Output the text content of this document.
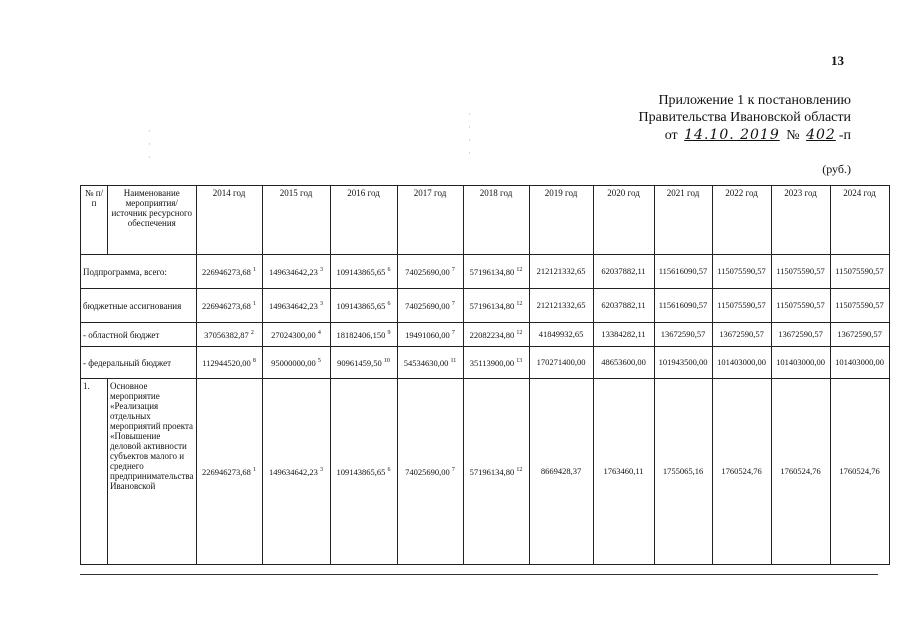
13
Приложение 1 к постановлению
Правительства Ивановской области
от 14.10. 2019 № 402 -п
·
·
·
·
·
·
·
(руб.)
№ п/п	Наименование мероприятия/ источник ресурсного обеспечения	2014 год	2015 год	2016 год	2017 год	2018 год	2019 год	2020 год	2021 год	2022 год	2023 год	2024 год
Подпрограмма, всего:		226946273,68 $^1$	149634642,23 $^3$	109143865,65 $^6$	74025690,00 $^7$	57196134,80 $^{12}$	212121332,65	62037882,11	115616090,57	115075590,57	115075590,57	115075590,57
бюджетные ассигнования		226946273,68 $^1$	149634642,23 $^3$	109143865,65 $^6$	74025690,00 $^7$	57196134,80 $^{12}$	212121332,65	62037882,11	115616090,57	115075590,57	115075590,57	115075590,57
- областной бюджет		37056382,87 $^2$	27024300,00 $^4$	18182406,150 $^9$	19491060,00 $^7$	22082234,80 $^{12}$	41849932,65	13384282,11	13672590,57	13672590,57	13672590,57	13672590,57
- федеральный бюджет		112944520,00 $^8$	95000000,00 $^5$	90961459,50 $^{10}$	54534630,00 $^{11}$	35113900,00 $^{13}$	170271400,00	48653600,00	101943500,00	101403000,00	101403000,00	101403000,00
1.	Основное мероприятие «Реализация отдельных мероприятий проекта «Повышение деловой активности субъектов малого и среднего предпринимательства Ивановской	226946273,68 $^1$	149634642,23 $^3$	109143865,65 $^6$	74025690,00 $^7$	57196134,80 $^{12}$	8669428,37	1763460,11	1755065,16	1760524,76	1760524,76	1760524,76
